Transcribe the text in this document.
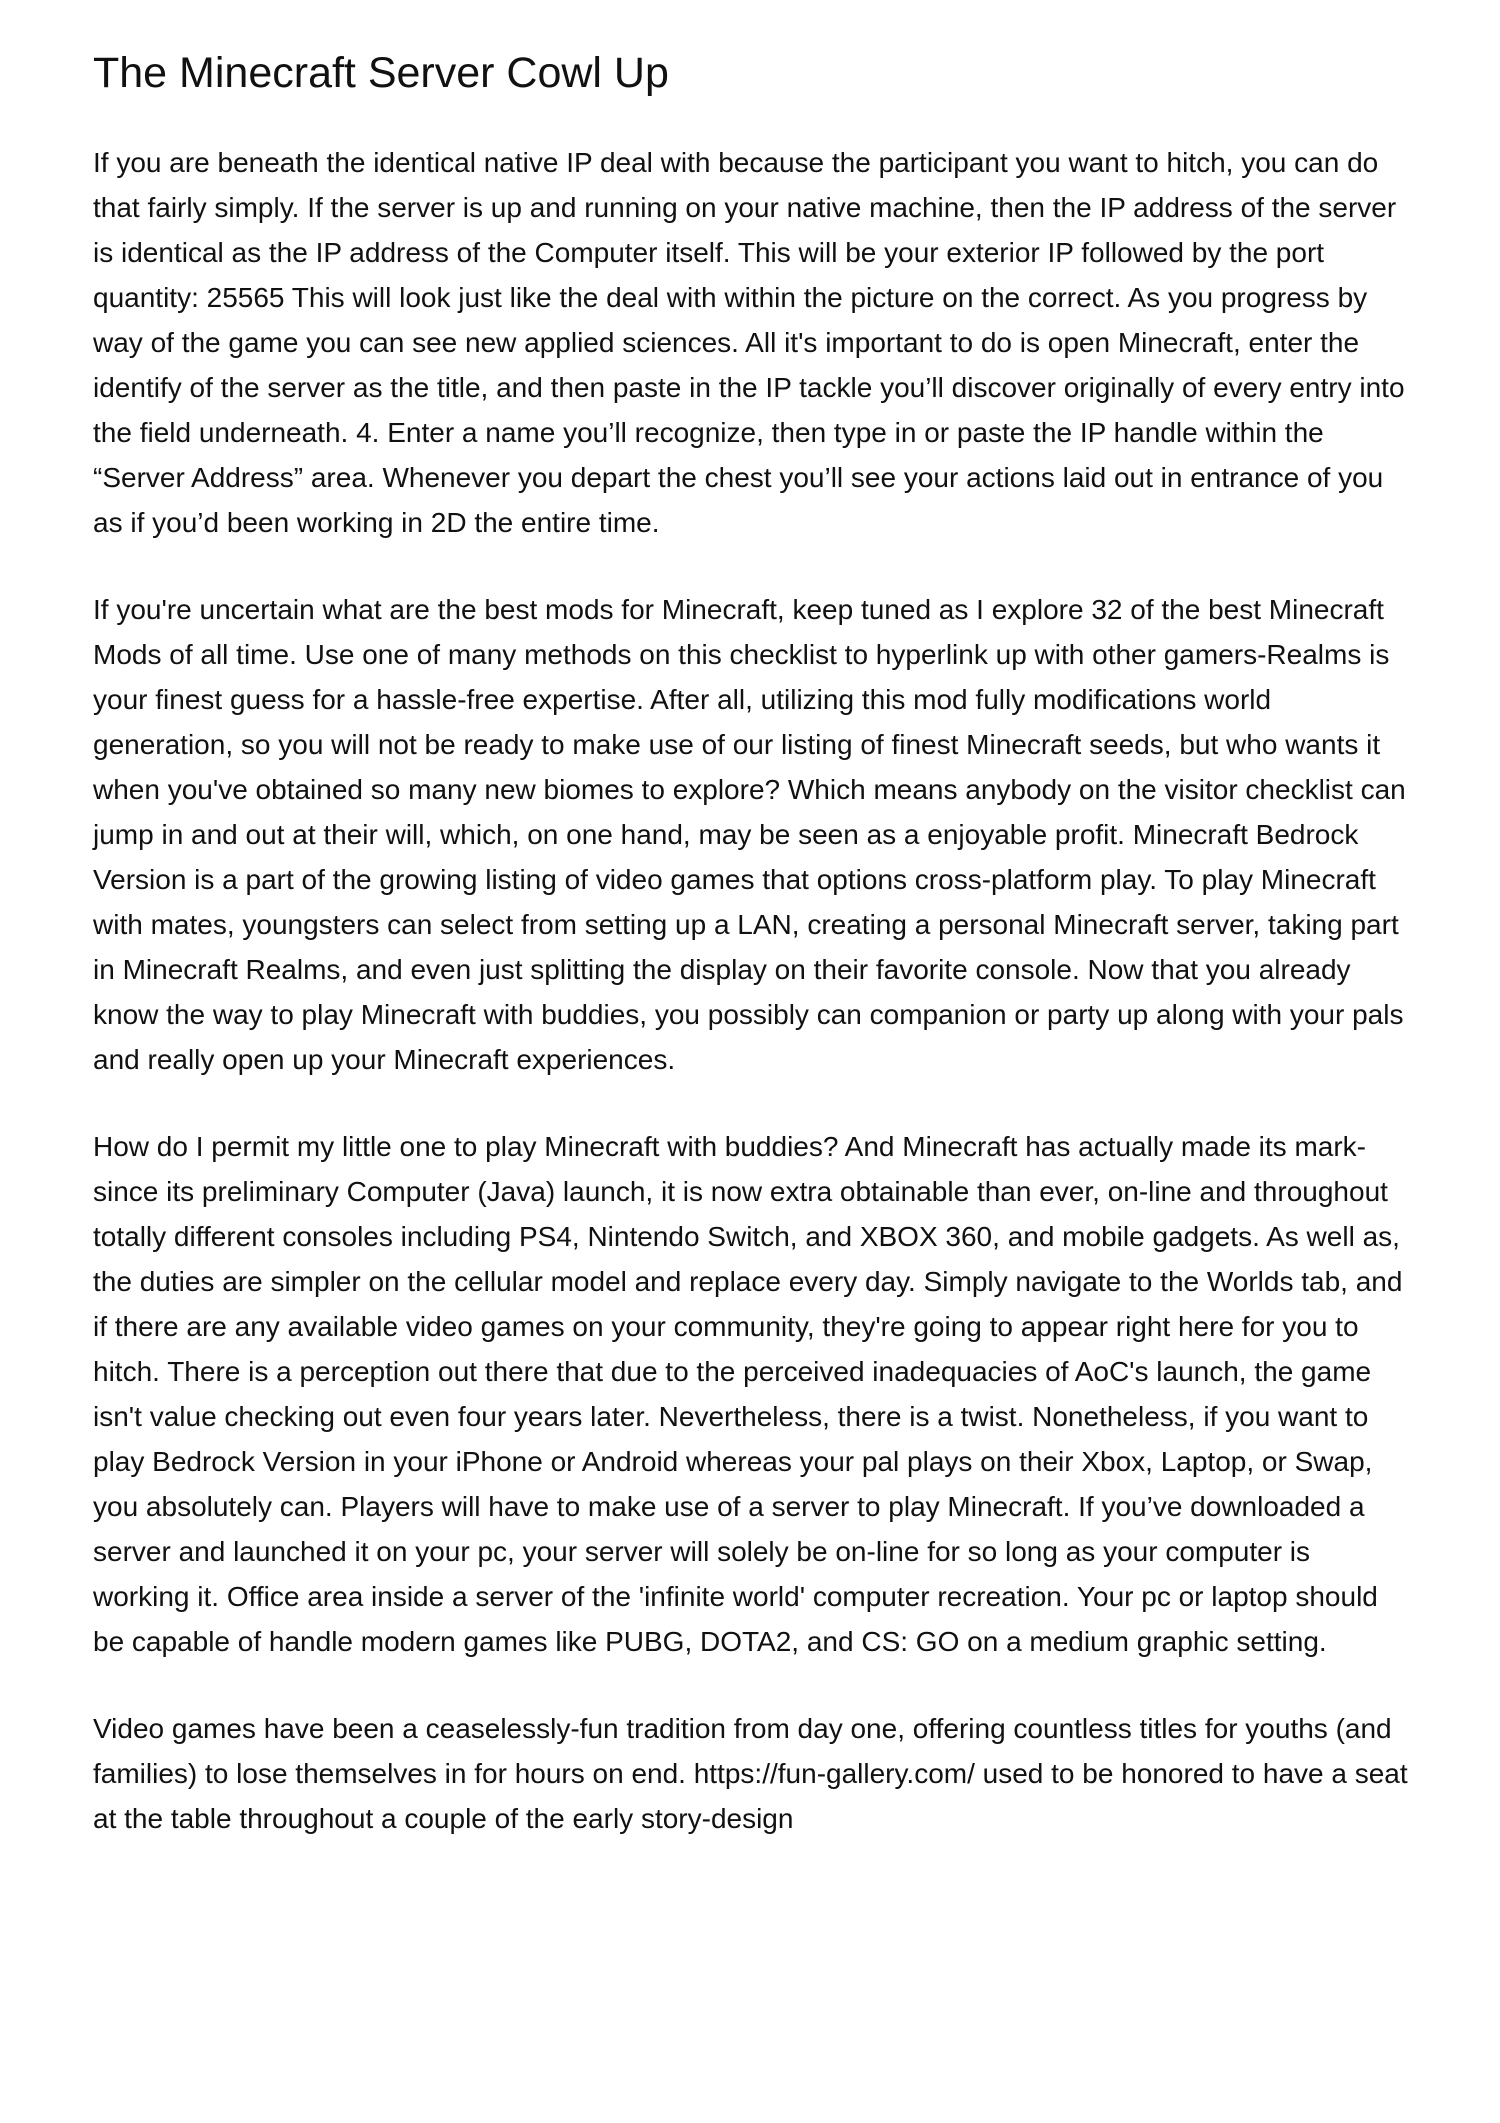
The Minecraft Server Cowl Up

If you are beneath the identical native IP deal with because the participant you want to hitch, you can do that fairly simply. If the server is up and running on your native machine, then the IP address of the server is identical as the IP address of the Computer itself. This will be your exterior IP followed by the port quantity: 25565 This will look just like the deal with within the picture on the correct. As you progress by way of the game you can see new applied sciences. All it's important to do is open Minecraft, enter the identify of the server as the title, and then paste in the IP tackle you’ll discover originally of every entry into the field underneath. 4. Enter a name you’ll recognize, then type in or paste the IP handle within the “Server Address” area. Whenever you depart the chest you’ll see your actions laid out in entrance of you as if you’d been working in 2D the entire time.

If you're uncertain what are the best mods for Minecraft, keep tuned as I explore 32 of the best Minecraft Mods of all time. Use one of many methods on this checklist to hyperlink up with other gamers-Realms is your finest guess for a hassle-free expertise. After all, utilizing this mod fully modifications world generation, so you will not be ready to make use of our listing of finest Minecraft seeds, but who wants it when you've obtained so many new biomes to explore? Which means anybody on the visitor checklist can jump in and out at their will, which, on one hand, may be seen as a enjoyable profit. Minecraft Bedrock Version is a part of the growing listing of video games that options cross-platform play. To play Minecraft with mates, youngsters can select from setting up a LAN, creating a personal Minecraft server, taking part in Minecraft Realms, and even just splitting the display on their favorite console. Now that you already know the way to play Minecraft with buddies, you possibly can companion or party up along with your pals and really open up your Minecraft experiences.

How do I permit my little one to play Minecraft with buddies? And Minecraft has actually made its mark-since its preliminary Computer (Java) launch, it is now extra obtainable than ever, on-line and throughout totally different consoles including PS4, Nintendo Switch, and XBOX 360, and mobile gadgets. As well as, the duties are simpler on the cellular model and replace every day. Simply navigate to the Worlds tab, and if there are any available video games on your community, they're going to appear right here for you to hitch. There is a perception out there that due to the perceived inadequacies of AoC's launch, the game isn't value checking out even four years later. Nevertheless, there is a twist. Nonetheless, if you want to play Bedrock Version in your iPhone or Android whereas your pal plays on their Xbox, Laptop, or Swap, you absolutely can. Players will have to make use of a server to play Minecraft. If you’ve downloaded a server and launched it on your pc, your server will solely be on-line for so long as your computer is working it. Office area inside a server of the 'infinite world' computer recreation. Your pc or laptop should be capable of handle modern games like PUBG, DOTA2, and CS: GO on a medium graphic setting.

Video games have been a ceaselessly-fun tradition from day one, offering countless titles for youths (and families) to lose themselves in for hours on end. https://fun-gallery.com/ used to be honored to have a seat at the table throughout a couple of the early story-design
